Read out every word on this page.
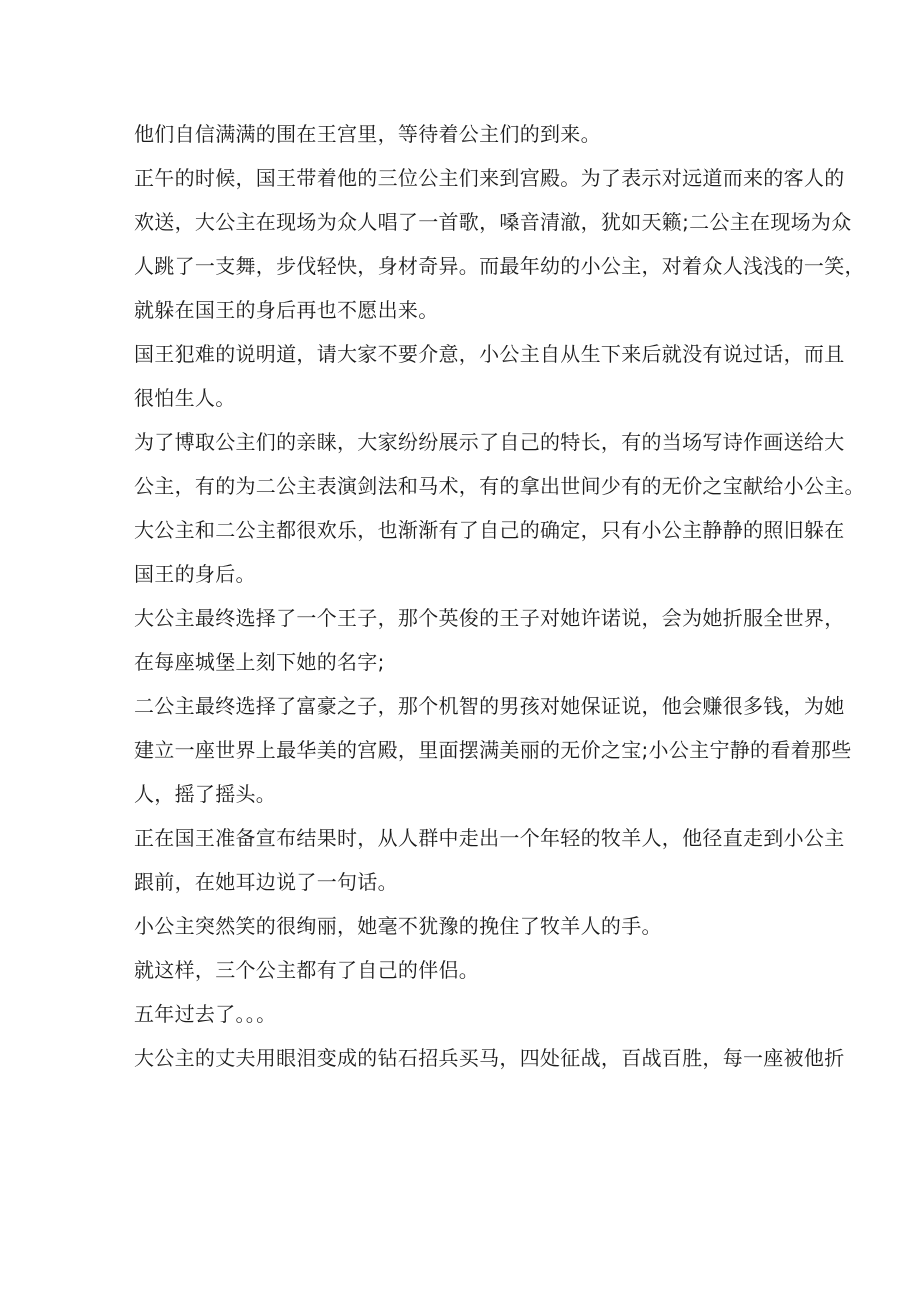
他们自信满满的围在王宫里，等待着公主们的到来。
正午的时候，国王带着他的三位公主们来到宫殿。为了表示对远道而来的客人的
欢送，大公主在现场为众人唱了一首歌，嗓音清澈，犹如天籁;二公主在现场为众
人跳了一支舞，步伐轻快，身材奇异。而最年幼的小公主，对着众人浅浅的一笑，
就躲在国王的身后再也不愿出来。
国王犯难的说明道，请大家不要介意，小公主自从生下来后就没有说过话，而且
很怕生人。
为了博取公主们的亲睐，大家纷纷展示了自己的特长，有的当场写诗作画送给大
公主，有的为二公主表演剑法和马术，有的拿出世间少有的无价之宝献给小公主。
大公主和二公主都很欢乐，也渐渐有了自己的确定，只有小公主静静的照旧躲在
国王的身后。
大公主最终选择了一个王子，那个英俊的王子对她许诺说，会为她折服全世界，
在每座城堡上刻下她的名字;
二公主最终选择了富豪之子，那个机智的男孩对她保证说，他会赚很多钱，为她
建立一座世界上最华美的宫殿，里面摆满美丽的无价之宝;小公主宁静的看着那些
人，摇了摇头。
正在国王准备宣布结果时，从人群中走出一个年轻的牧羊人，他径直走到小公主
跟前，在她耳边说了一句话。
小公主突然笑的很绚丽，她毫不犹豫的挽住了牧羊人的手。
就这样，三个公主都有了自己的伴侣。
五年过去了。。。
大公主的丈夫用眼泪变成的钻石招兵买马，四处征战，百战百胜，每一座被他折
